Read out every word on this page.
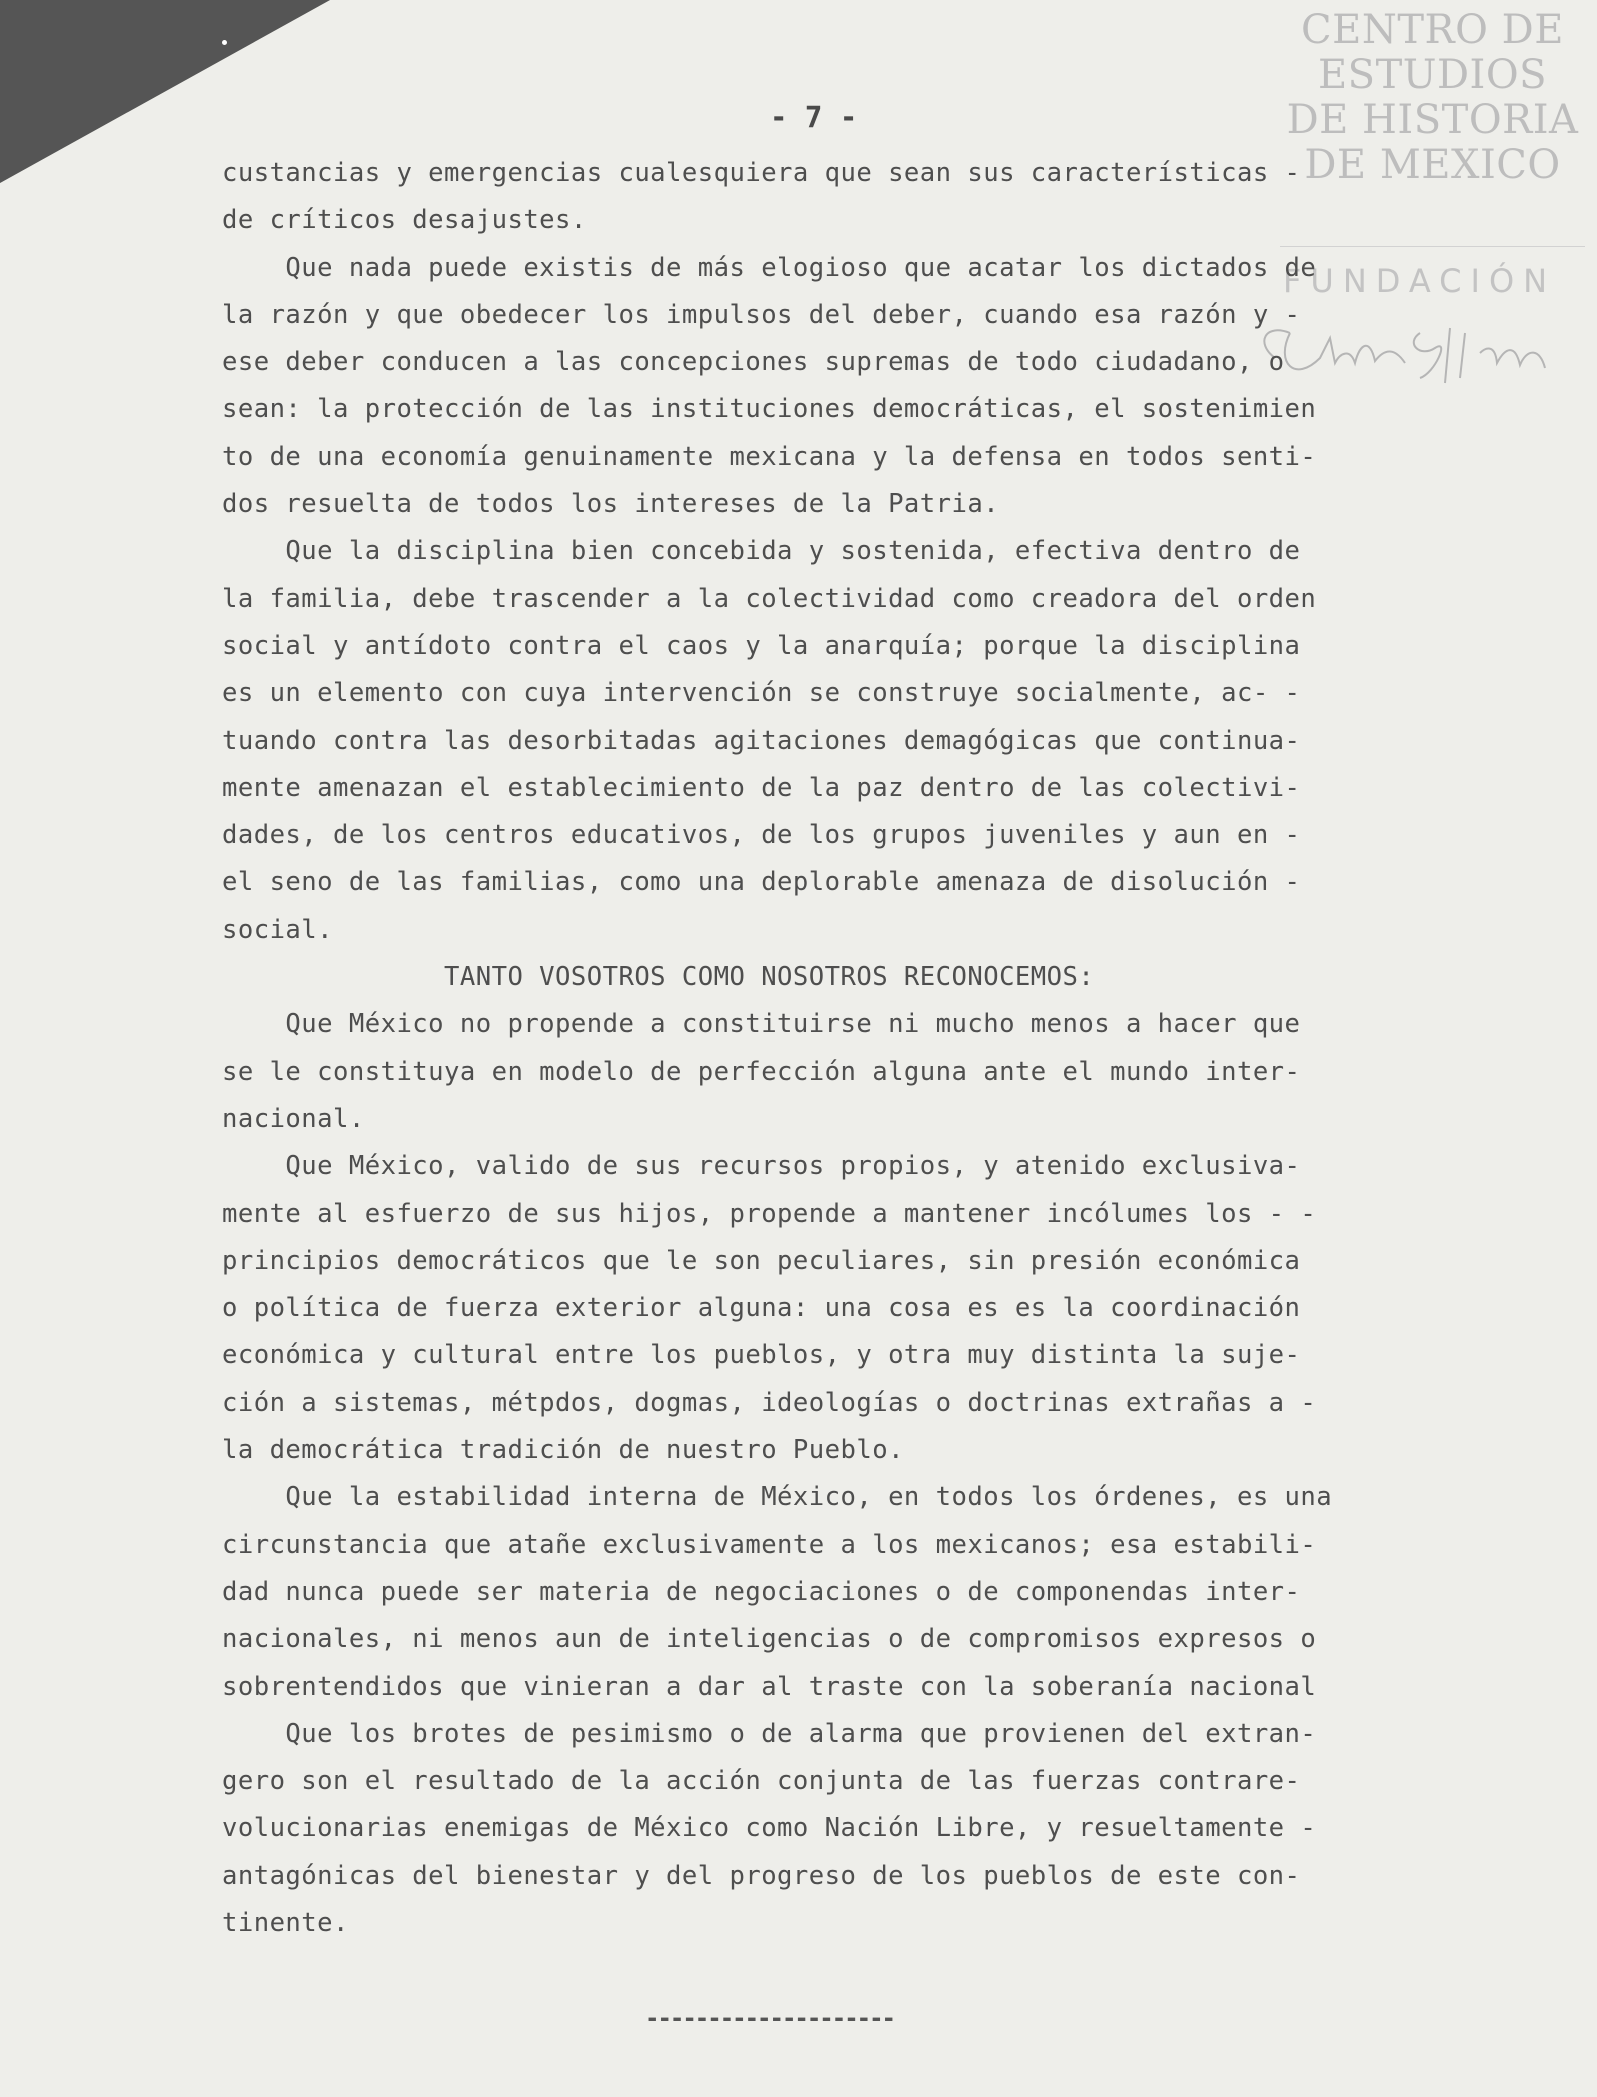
CENTRO DE
ESTUDIOS
DE HISTORIA
DE MEXICO
FUNDACIÓN
- 7 -
custancias y emergencias cualesquiera que sean sus características -
de críticos desajustes.
Que nada puede existis de más elogioso que acatar los dictados de
la razón y que obedecer los impulsos del deber, cuando esa razón y -
ese deber conducen a las concepciones supremas de todo ciudadano, o
sean: la protección de las instituciones democráticas, el sostenimien
to de una economía genuinamente mexicana y la defensa en todos senti-
dos resuelta de todos los intereses de la Patria.
Que la disciplina bien concebida y sostenida, efectiva dentro de
la familia, debe trascender a la colectividad como creadora del orden
social y antídoto contra el caos y la anarquía; porque la disciplina
es un elemento con cuya intervención se construye socialmente, ac- -
tuando contra las desorbitadas agitaciones demagógicas que continua-
mente amenazan el establecimiento de la paz dentro de las colectivi-
dades, de los centros educativos, de los grupos juveniles y aun en -
el seno de las familias, como una deplorable amenaza de disolución -
social.
TANTO VOSOTROS COMO NOSOTROS RECONOCEMOS:
Que México no propende a constituirse ni mucho menos a hacer que
se le constituya en modelo de perfección alguna ante el mundo inter-
nacional.
Que México, valido de sus recursos propios, y atenido exclusiva-
mente al esfuerzo de sus hijos, propende a mantener incólumes los - -
principios democráticos que le son peculiares, sin presión económica
o política de fuerza exterior alguna: una cosa es es la coordinación
económica y cultural entre los pueblos, y otra muy distinta la suje-
ción a sistemas, métpdos, dogmas, ideologías o doctrinas extrañas a -
la democrática tradición de nuestro Pueblo.
Que la estabilidad interna de México, en todos los órdenes, es una
circunstancia que atañe exclusivamente a los mexicanos; esa estabili-
dad nunca puede ser materia de negociaciones o de componendas inter-
nacionales, ni menos aun de inteligencias o de compromisos expresos o
sobrentendidos que vinieran a dar al traste con la soberanía nacional
Que los brotes de pesimismo o de alarma que provienen del extran-
gero son el resultado de la acción conjunta de las fuerzas contrare-
volucionarias enemigas de México como Nación Libre, y resueltamente -
antagónicas del bienestar y del progreso de los pueblos de este con-
tinente.
--------------------
